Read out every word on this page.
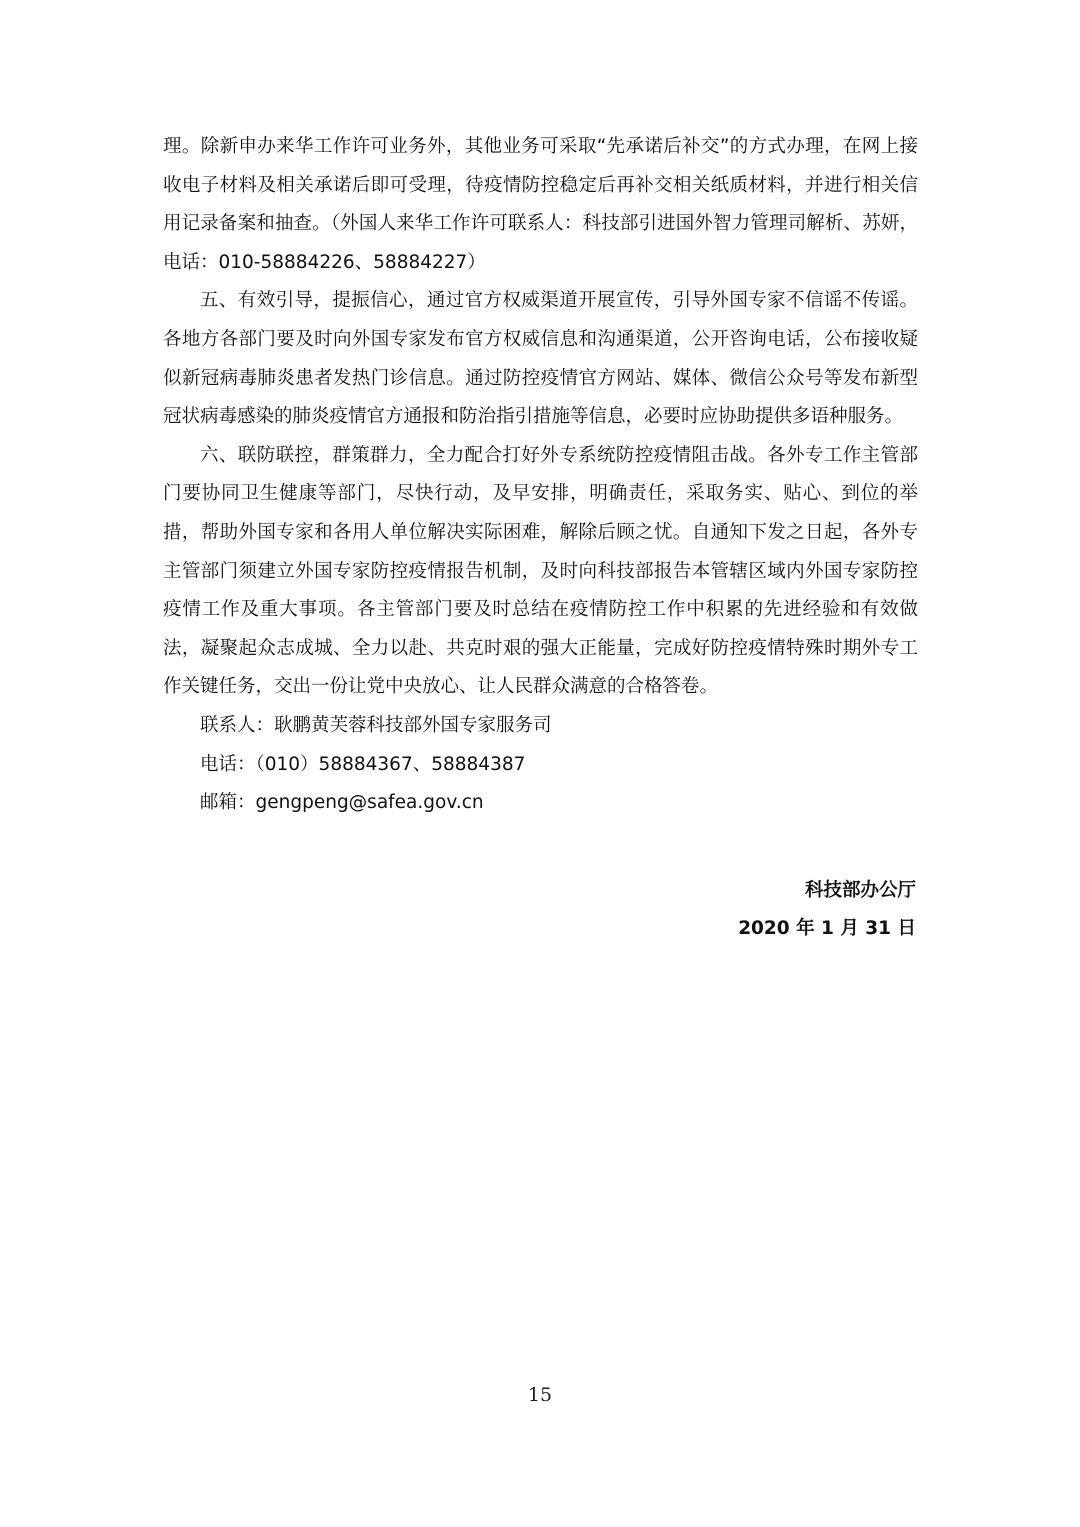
理。除新申办来华工作许可业务外，其他业务可采取“先承诺后补交”的方式办理，在网上接收电子材料及相关承诺后即可受理，待疫情防控稳定后再补交相关纸质材料，并进行相关信用记录备案和抽查。（外国人来华工作许可联系人：科技部引进国外智力管理司解析、苏妍，电话：010-58884226、58884227）

五、有效引导，提振信心，通过官方权威渠道开展宣传，引导外国专家不信谣不传谣。各地方各部门要及时向外国专家发布官方权威信息和沟通渠道，公开咨询电话，公布接收疑似新冠病毒肺炎患者发热门诊信息。通过防控疫情官方网站、媒体、微信公众号等发布新型冠状病毒感染的肺炎疫情官方通报和防治指引措施等信息，必要时应协助提供多语种服务。

六、联防联控，群策群力，全力配合打好外专系统防控疫情阻击战。各外专工作主管部门要协同卫生健康等部门，尽快行动，及早安排，明确责任，采取务实、贴心、到位的举措，帮助外国专家和各用人单位解决实际困难，解除后顾之忧。自通知下发之日起，各外专主管部门须建立外国专家防控疫情报告机制，及时向科技部报告本管辖区域内外国专家防控疫情工作及重大事项。各主管部门要及时总结在疫情防控工作中积累的先进经验和有效做法，凝聚起众志成城、全力以赴、共克时艰的强大正能量，完成好防控疫情特殊时期外专工作关键任务，交出一份让党中央放心、让人民群众满意的合格答卷。

联系人：耿鹏黄芙蓉科技部外国专家服务司

电话：（010）58884367、58884387

邮箱：gengpeng@safea.gov.cn

科技部办公厅
2020 年 1 月 31 日
15
